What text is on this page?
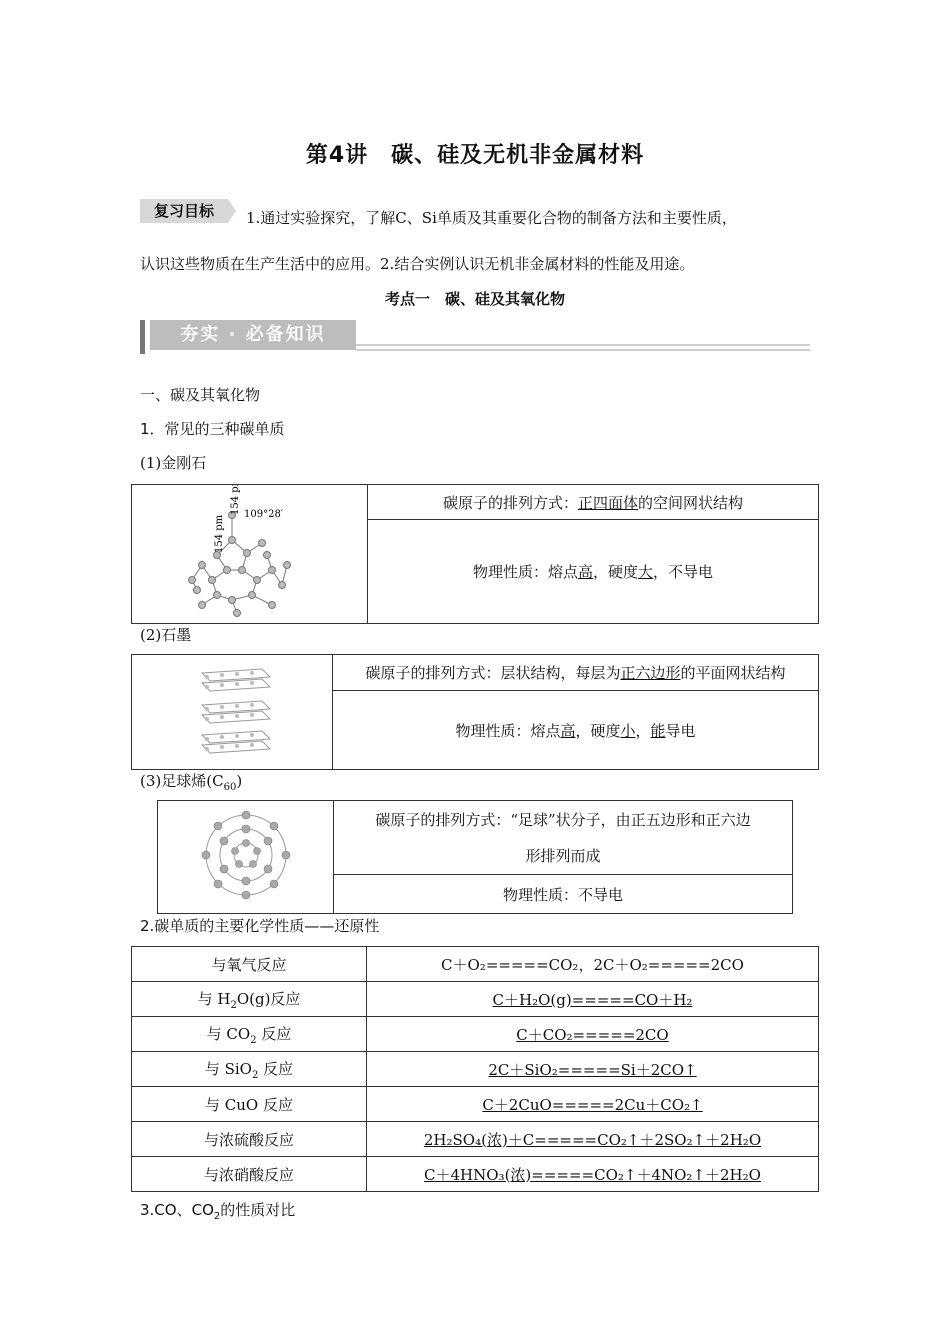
第4讲　碳、硅及无机非金属材料
复习目标	1.通过实验探究，了解C、Si单质及其重要化合物的制备方法和主要性质，
认识这些物质在生产生活中的应用。2.结合实例认识无机非金属材料的性能及用途。
考点一　碳、硅及其氧化物
夯实 · 必备知识
一、碳及其氧化物
1．常见的三种碳单质
(1)金刚石
154 pm
154 pm 109°28′
	碳原子的排列方式：正四面体的空间网状结构
物理性质：熔点高，硬度大，不导电
(2)石墨
	碳原子的排列方式：层状结构，每层为正六边形的平面网状结构
物理性质：熔点高，硬度小，能导电
(3)足球烯$(C_{60})$

碳原子的排列方式：“足球”状分子，由正五边形和正六边
形排列而成

物理性质：不导电
2.碳单质的主要化学性质——还原性
与氧气反应	C＋O₂=====CO₂，2C＋O₂=====2CO
与 $H_2O(g)$反应	C＋H₂O(g)=====CO＋H₂
与 $CO_2$ 反应	C＋CO₂=====2CO
与 SiO$_2$ 反应	2C＋SiO₂=====Si＋2CO↑
与 CuO 反应	C＋2CuO=====2Cu＋CO₂↑
与浓硫酸反应	2H₂SO₄(浓)＋C=====CO₂↑＋2SO₂↑＋2H₂O
与浓硝酸反应	C＋4HNO₃(浓)=====CO₂↑＋4NO₂↑＋2H₂O
3.CO、$CO_2$的性质对比
